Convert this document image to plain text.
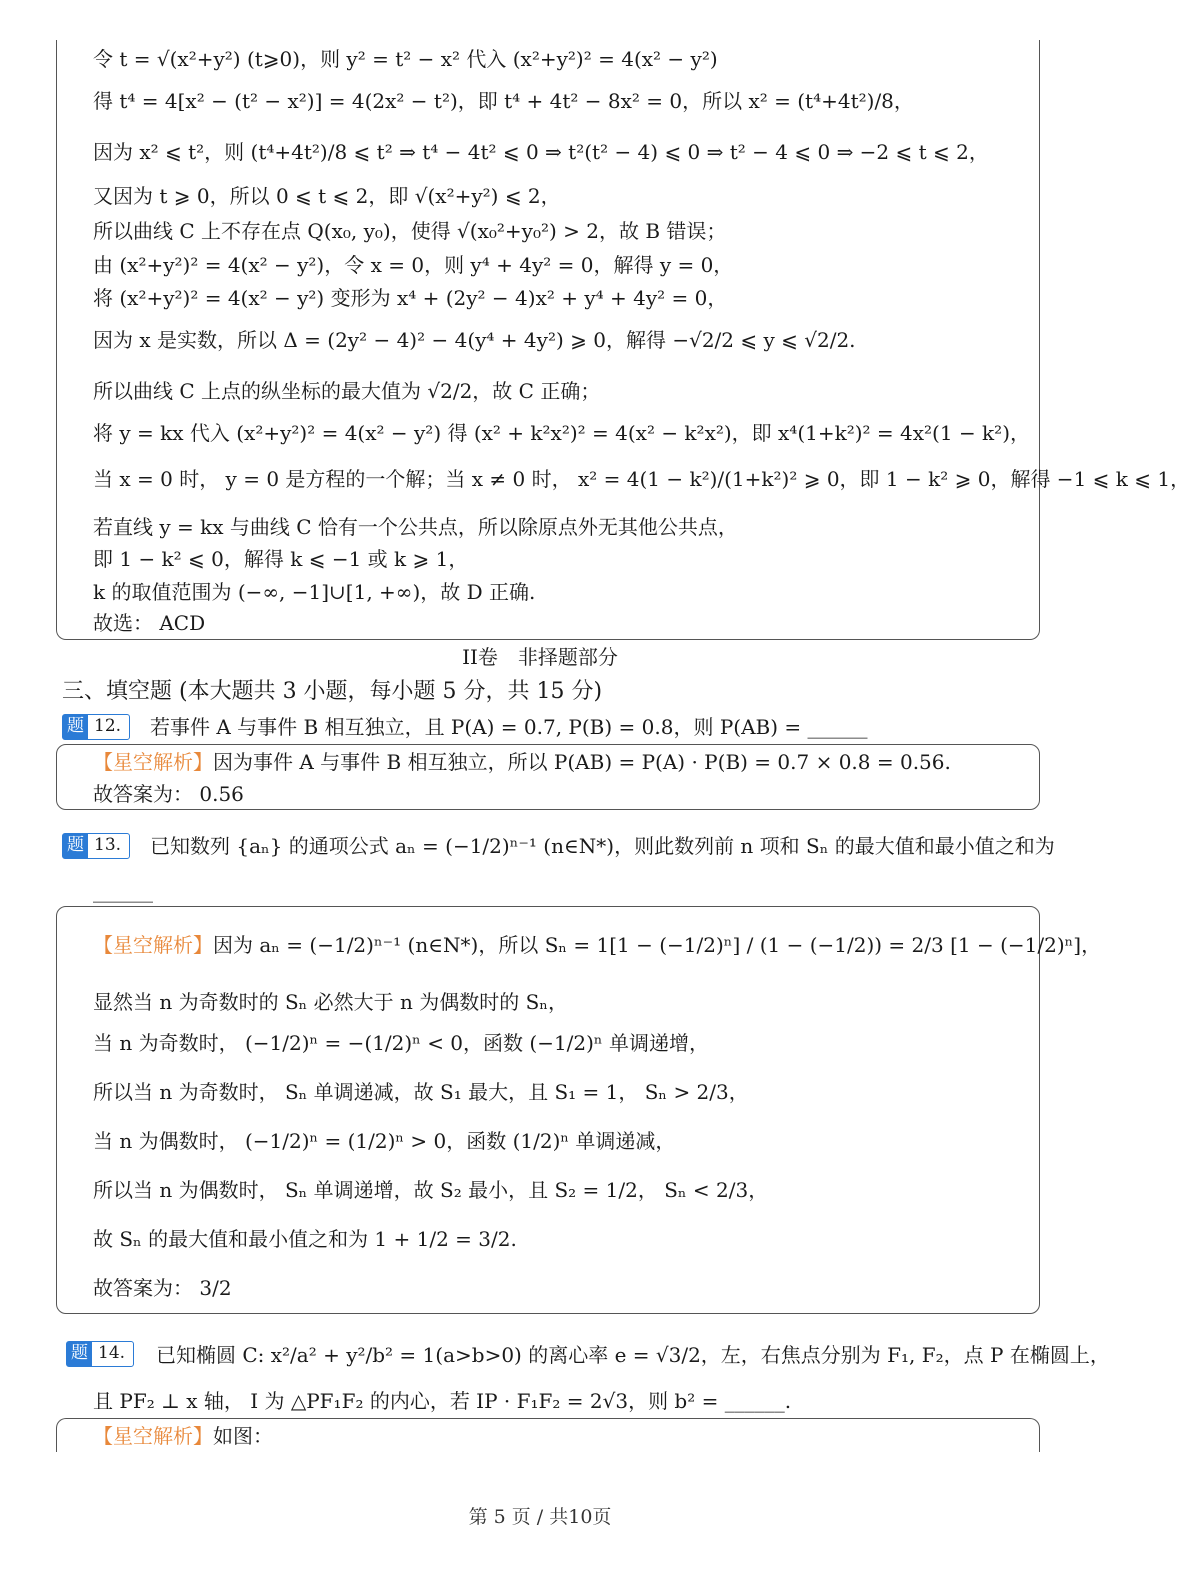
令 t = √(x²+y²) (t⩾0)，则 y² = t² − x² 代入 (x²+y²)² = 4(x² − y²)
得 t⁴ = 4[x² − (t² − x²)] = 4(2x² − t²)，即 t⁴ + 4t² − 8x² = 0，所以 x² = (t⁴+4t²)/8，
因为 x² ⩽ t²，则 (t⁴+4t²)/8 ⩽ t² ⇒ t⁴ − 4t² ⩽ 0 ⇒ t²(t² − 4) ⩽ 0 ⇒ t² − 4 ⩽ 0 ⇒ −2 ⩽ t ⩽ 2，
又因为 t ⩾ 0，所以 0 ⩽ t ⩽ 2，即 √(x²+y²) ⩽ 2，
所以曲线 C 上不存在点 Q(x₀, y₀)，使得 √(x₀²+y₀²) > 2，故 B 错误；
由 (x²+y²)² = 4(x² − y²)，令 x = 0，则 y⁴ + 4y² = 0，解得 y = 0，
将 (x²+y²)² = 4(x² − y²) 变形为 x⁴ + (2y² − 4)x² + y⁴ + 4y² = 0，
因为 x 是实数，所以 Δ = (2y² − 4)² − 4(y⁴ + 4y²) ⩾ 0，解得 −√2/2 ⩽ y ⩽ √2/2.
所以曲线 C 上点的纵坐标的最大值为 √2/2，故 C 正确；
将 y = kx 代入 (x²+y²)² = 4(x² − y²) 得 (x² + k²x²)² = 4(x² − k²x²)，即 x⁴(1+k²)² = 4x²(1 − k²)，
当 x = 0 时， y = 0 是方程的一个解；当 x ≠ 0 时， x² = 4(1 − k²)/(1+k²)² ⩾ 0，即 1 − k² ⩾ 0，解得 −1 ⩽ k ⩽ 1，
若直线 y = kx 与曲线 C 恰有一个公共点，所以除原点外无其他公共点，
即 1 − k² ⩽ 0，解得 k ⩽ −1 或 k ⩾ 1，
k 的取值范围为 (−∞, −1]∪[1, +∞)，故 D 正确.
故选： ACD
II卷　非择题部分
三、填空题 (本大题共 3 小题，每小题 5 分，共 15 分)
题 12.	若事件 A 与事件 B 相互独立，且 P(A) = 0.7, P(B) = 0.8，则 P(AB) = ______
【星空解析】因为事件 A 与事件 B 相互独立，所以 P(AB) = P(A) · P(B) = 0.7 × 0.8 = 0.56.
故答案为： 0.56
题 13.	已知数列 {aₙ} 的通项公式 aₙ = (−1/2)ⁿ⁻¹ (n∈N*)，则此数列前 n 项和 Sₙ 的最大值和最小值之和为
______
【星空解析】因为 aₙ = (−1/2)ⁿ⁻¹ (n∈N*)，所以 Sₙ = 1[1 − (−1/2)ⁿ] / (1 − (−1/2)) = 2/3 [1 − (−1/2)ⁿ]，
显然当 n 为奇数时的 Sₙ 必然大于 n 为偶数时的 Sₙ，
当 n 为奇数时， (−1/2)ⁿ = −(1/2)ⁿ < 0，函数 (−1/2)ⁿ 单调递增，
所以当 n 为奇数时， Sₙ 单调递减，故 S₁ 最大，且 S₁ = 1， Sₙ > 2/3，
当 n 为偶数时， (−1/2)ⁿ = (1/2)ⁿ > 0，函数 (1/2)ⁿ 单调递减，
所以当 n 为偶数时， Sₙ 单调递增，故 S₂ 最小，且 S₂ = 1/2， Sₙ < 2/3，
故 Sₙ 的最大值和最小值之和为 1 + 1/2 = 3/2.
故答案为： 3/2
题 14.	已知椭圆 C: x²/a² + y²/b² = 1(a>b>0) 的离心率 e = √3/2，左，右焦点分别为 F₁, F₂，点 P 在椭圆上，
且 PF₂ ⊥ x 轴， I 为 △PF₁F₂ 的内心，若 IP · F₁F₂ = 2√3，则 b² = ______.
【星空解析】如图：
第 5 页 / 共10页
